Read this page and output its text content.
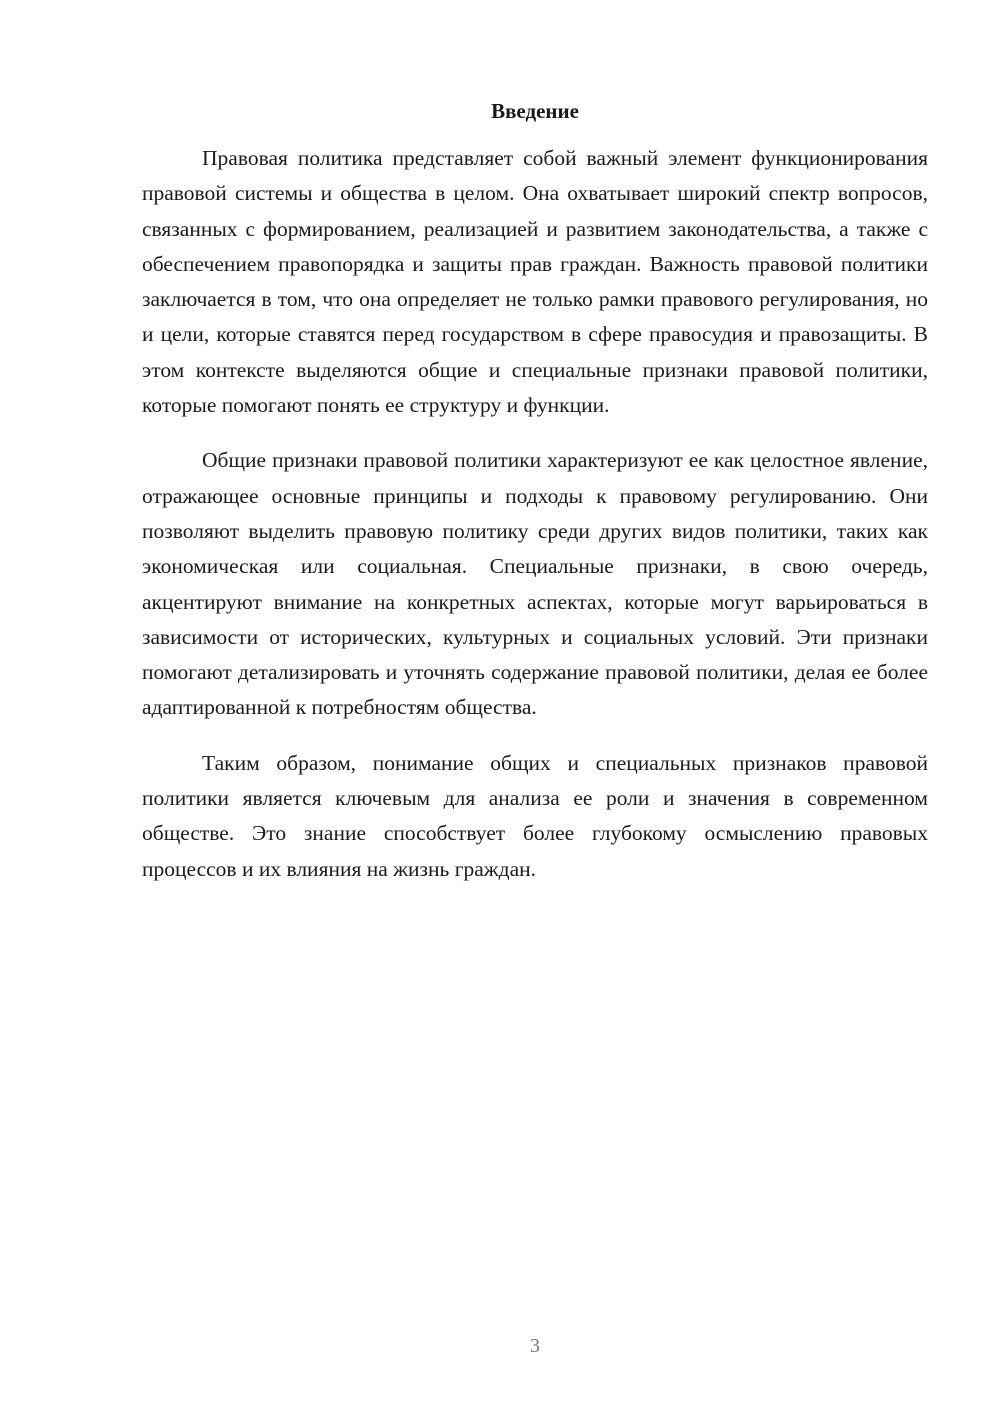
Введение

Правовая политика представляет собой важный элемент функционирования правовой системы и общества в целом. Она охватывает широкий спектр вопросов, связанных с формированием, реализацией и развитием законодательства, а также с обеспечением правопорядка и защиты прав граждан. Важность правовой политики заключается в том, что она определяет не только рамки правового регулирования, но и цели, которые ставятся перед государством в сфере правосудия и правозащиты. В этом контексте выделяются общие и специальные признаки правовой политики, которые помогают понять ее структуру и функции.

Общие признаки правовой политики характеризуют ее как целостное явление, отражающее основные принципы и подходы к правовому регулированию. Они позволяют выделить правовую политику среди других видов политики, таких как экономическая или социальная. Специальные признаки, в свою очередь, акцентируют внимание на конкретных аспектах, которые могут варьироваться в зависимости от исторических, культурных и социальных условий. Эти признаки помогают детализировать и уточнять содержание правовой политики, делая ее более адаптированной к потребностям общества.

Таким образом, понимание общих и специальных признаков правовой политики является ключевым для анализа ее роли и значения в современном обществе. Это знание способствует более глубокому осмыслению правовых процессов и их влияния на жизнь граждан.

3
